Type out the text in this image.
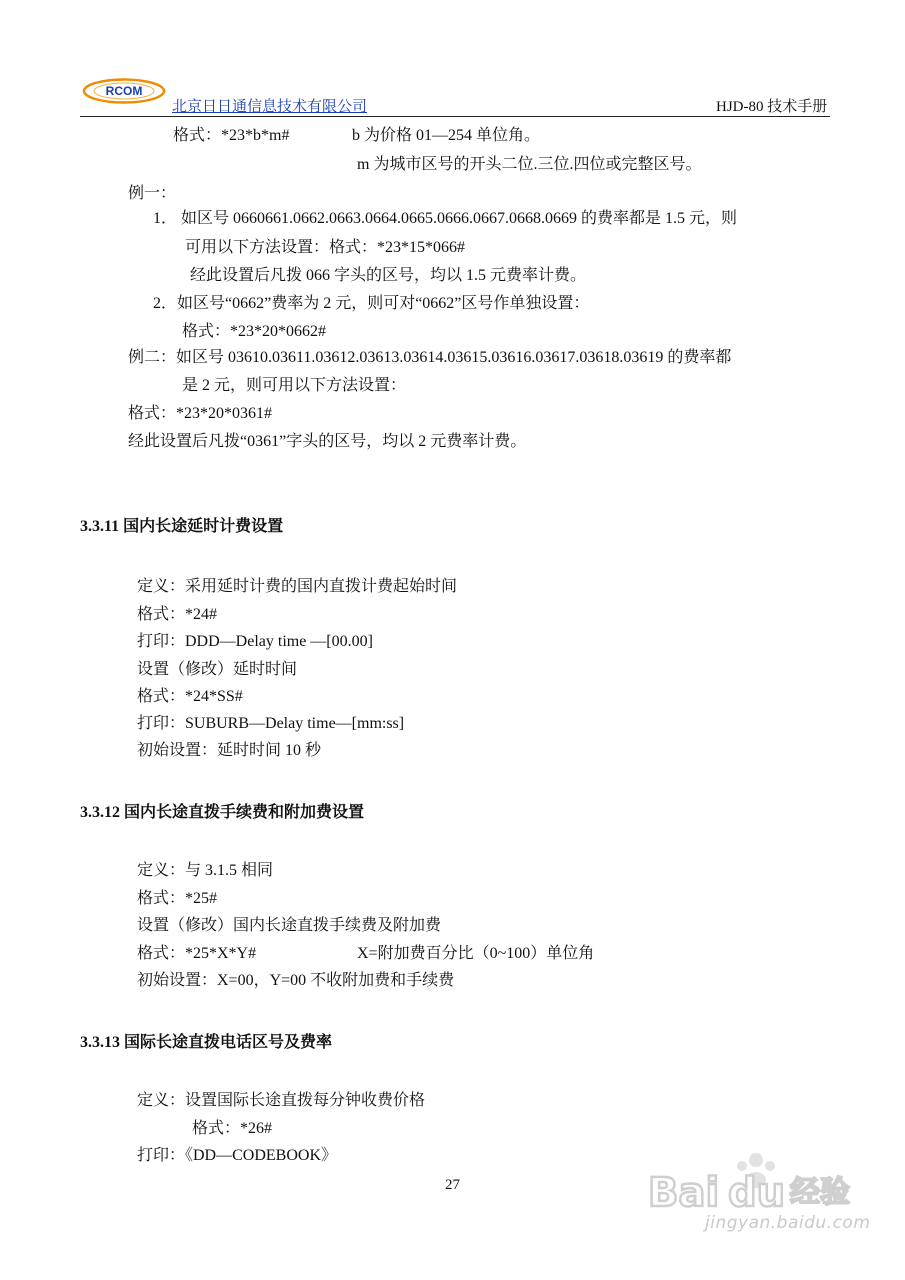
RCOM
北京日日通信息技术有限公司	HJD-80 技术手册
格式：*23*b*m#	b 为价格 01—254 单位角。
m 为城市区号的开头二位.三位.四位或完整区号。
例一：
1． 如区号 0660661.0662.0663.0664.0665.0666.0667.0668.0669 的费率都是 1.5 元，则
可用以下方法设置：格式：*23*15*066#
经此设置后凡拨 066 字头的区号，均以 1.5 元费率计费。
2．如区号“0662”费率为 2 元，则可对“0662”区号作单独设置：
格式：*23*20*0662#
例二：如区号 03610.03611.03612.03613.03614.03615.03616.03617.03618.03619 的费率都
是 2 元，则可用以下方法设置：
格式：*23*20*0361#
经此设置后凡拨“0361”字头的区号，均以 2 元费率计费。
3.3.11 国内长途延时计费设置
定义：采用延时计费的国内直拨计费起始时间
格式：*24#
打印：DDD—Delay time —[00.00]
设置（修改）延时时间
格式：*24*SS#
打印：SUBURB—Delay time—[mm:ss]
初始设置：延时时间 10 秒
3.3.12 国内长途直拨手续费和附加费设置
定义：与 3.1.5 相同
格式：*25#
设置（修改）国内长途直拨手续费及附加费
格式：*25*X*Y#	X=附加费百分比（0~100）单位角
初始设置：X=00，Y=00 不收附加费和手续费
3.3.13 国际长途直拨电话区号及费率
定义：设置国际长途直拨每分钟收费价格
格式：*26#
打印：《DD—CODEBOOK》
27	Bai du 经验
jingyan.baidu.com
